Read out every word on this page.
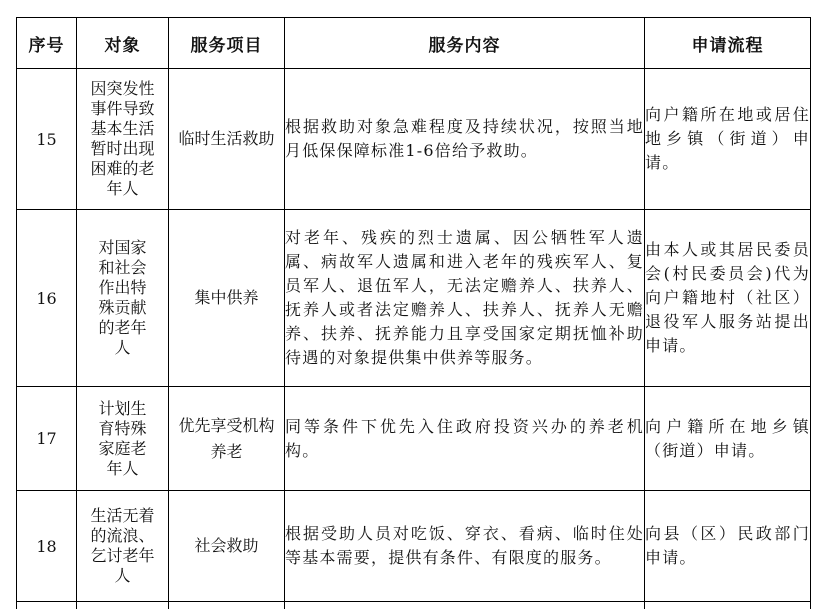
序号	对象	服务项目	服务内容	申请流程
15	因突发性事件导致基本生活暂时出现困难的老年人	临时生活救助	根据救助对象急难程度及持续状况，按照当地月低保保障标准1-6倍给予救助。	向户籍所在地或居住地乡镇（街道）申请。
16	对国家和社会作出特殊贡献的老年人	集中供养	对老年、残疾的烈士遗属、因公牺牲军人遗属、病故军人遗属和进入老年的残疾军人、复员军人、退伍军人，无法定赡养人、扶养人、抚养人或者法定赡养人、扶养人、抚养人无赡养、扶养、抚养能力且享受国家定期抚恤补助待遇的对象提供集中供养等服务。	由本人或其居民委员会(村民委员会)代为向户籍地村（社区）退役军人服务站提出申请。
17	计划生育特殊家庭老年人	优先享受机构养老	同等条件下优先入住政府投资兴办的养老机构。	向户籍所在地乡镇（街道）申请。
18	生活无着的流浪、乞讨老年人	社会救助	根据受助人员对吃饭、穿衣、看病、临时住处等基本需要，提供有条件、有限度的服务。	向县（区）民政部门申请。
